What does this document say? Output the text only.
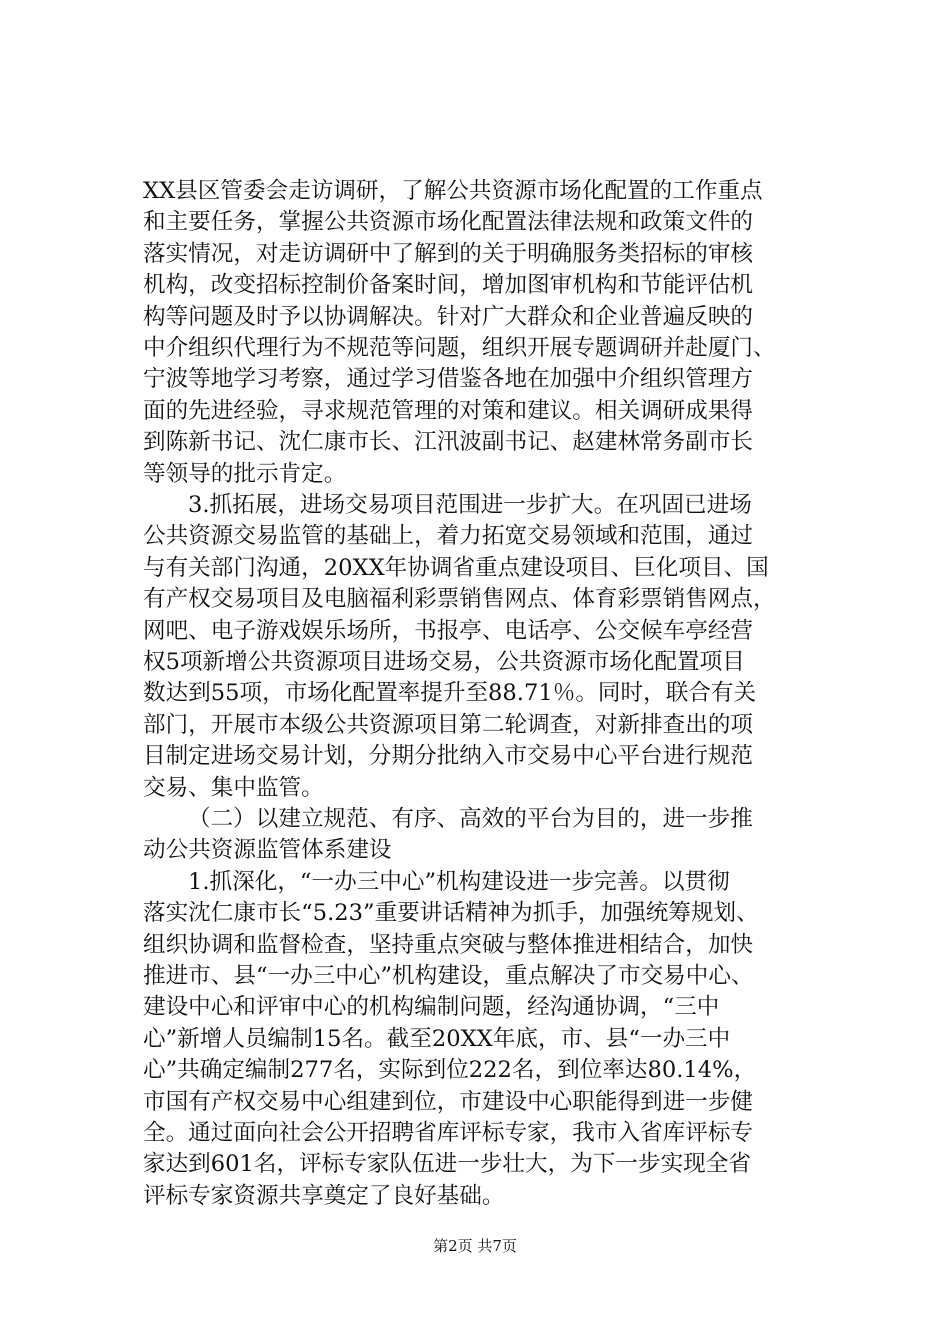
XX县区管委会走访调研，了解公共资源市场化配置的工作重点
和主要任务，掌握公共资源市场化配置法律法规和政策文件的
落实情况，对走访调研中了解到的关于明确服务类招标的审核
机构，改变招标控制价备案时间，增加图审机构和节能评估机
构等问题及时予以协调解决。针对广大群众和企业普遍反映的
中介组织代理行为不规范等问题，组织开展专题调研并赴厦门、
宁波等地学习考察，通过学习借鉴各地在加强中介组织管理方
面的先进经验，寻求规范管理的对策和建议。相关调研成果得
到陈新书记、沈仁康市长、江汛波副书记、赵建林常务副市长
等领导的批示肯定。
3.抓拓展，进场交易项目范围进一步扩大。在巩固已进场
公共资源交易监管的基础上，着力拓宽交易领域和范围，通过
与有关部门沟通，20XX年协调省重点建设项目、巨化项目、国
有产权交易项目及电脑福利彩票销售网点、体育彩票销售网点，
网吧、电子游戏娱乐场所，书报亭、电话亭、公交候车亭经营
权5项新增公共资源项目进场交易，公共资源市场化配置项目
数达到55项，市场化配置率提升至88.71％。同时，联合有关
部门，开展市本级公共资源项目第二轮调查，对新排查出的项
目制定进场交易计划，分期分批纳入市交易中心平台进行规范
交易、集中监管。
（二）以建立规范、有序、高效的平台为目的，进一步推
动公共资源监管体系建设
1.抓深化，“一办三中心”机构建设进一步完善。以贯彻
落实沈仁康市长“5.23”重要讲话精神为抓手，加强统筹规划、
组织协调和监督检查，坚持重点突破与整体推进相结合，加快
推进市、县“一办三中心”机构建设，重点解决了市交易中心、
建设中心和评审中心的机构编制问题，经沟通协调，“三中
心”新增人员编制15名。截至20XX年底，市、县“一办三中
心”共确定编制277名，实际到位222名，到位率达80.14%，
市国有产权交易中心组建到位，市建设中心职能得到进一步健
全。通过面向社会公开招聘省库评标专家，我市入省库评标专
家达到601名，评标专家队伍进一步壮大，为下一步实现全省
评标专家资源共享奠定了良好基础。
第2页 共7页
